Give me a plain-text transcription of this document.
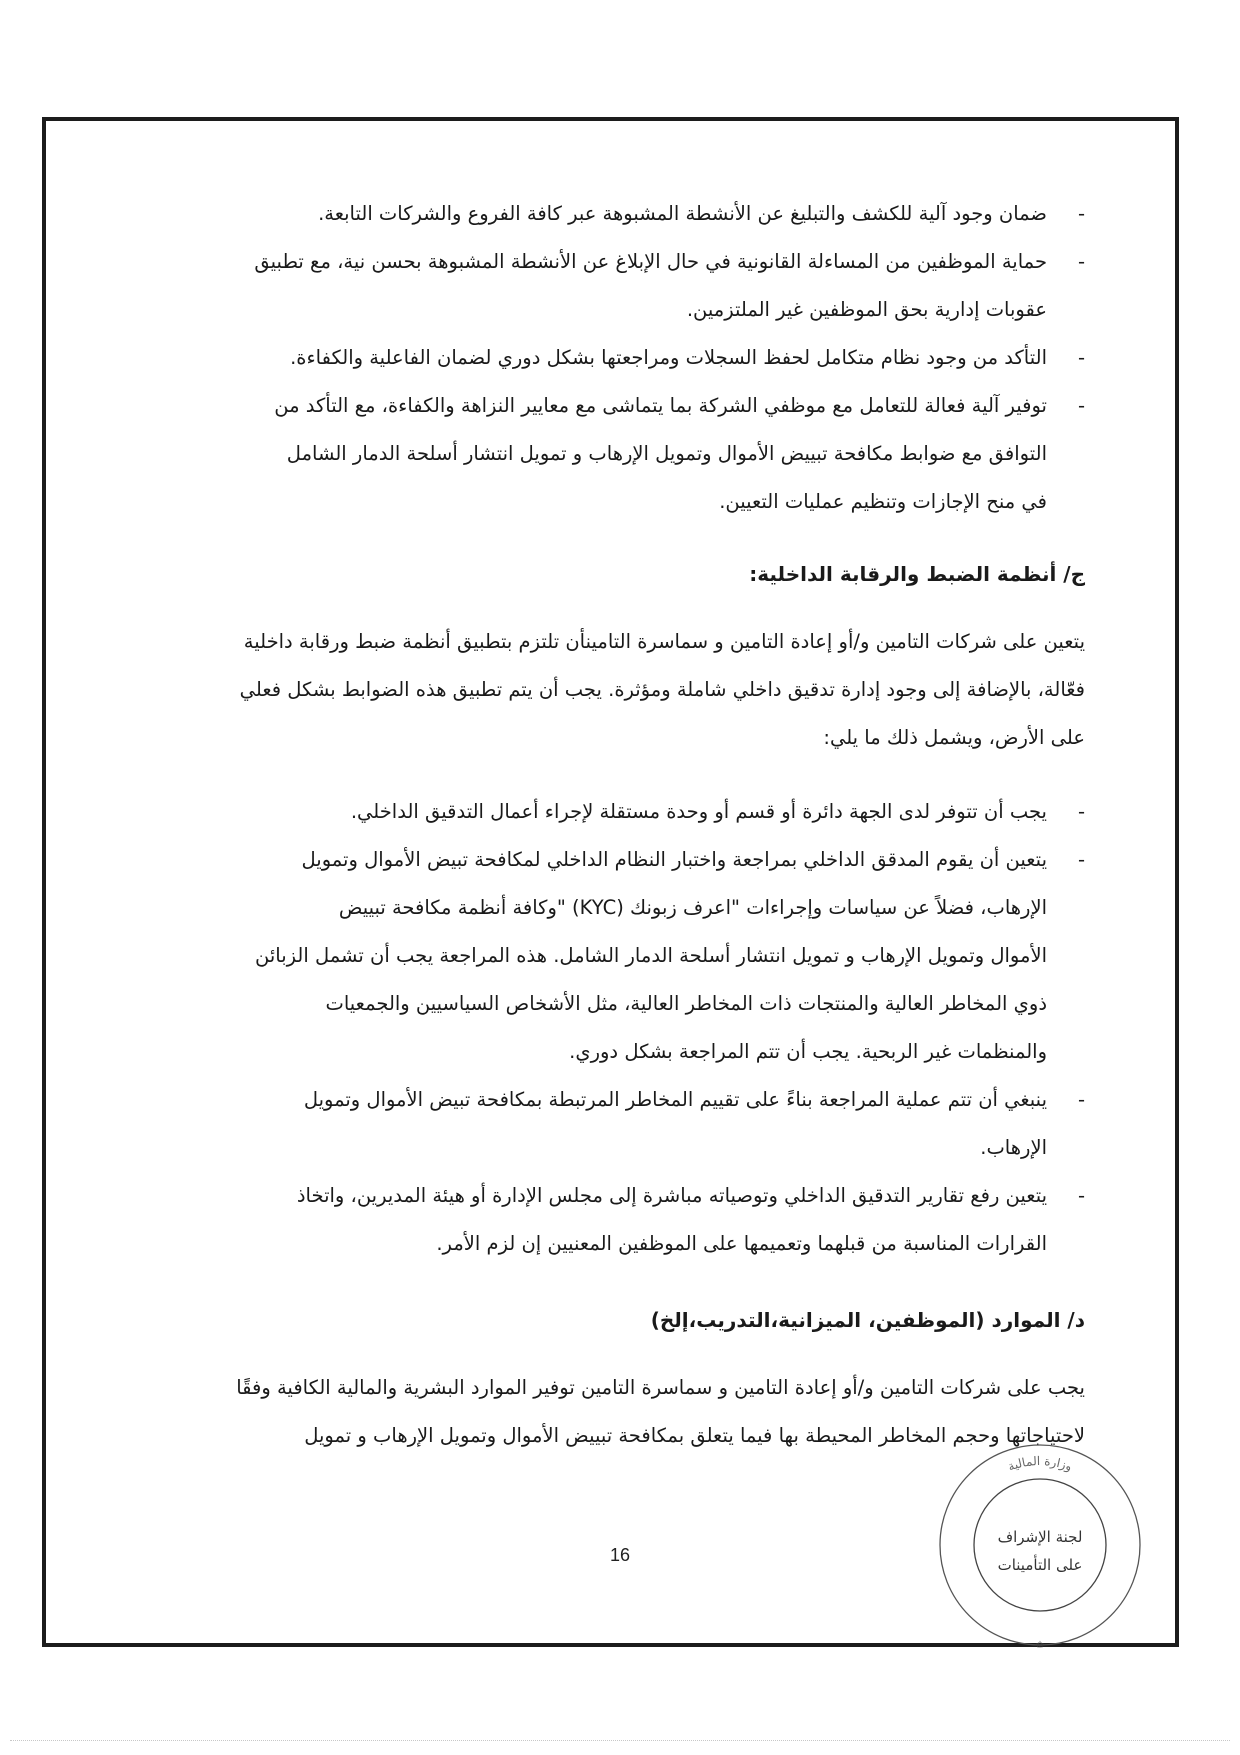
- ضمان وجود آلية للكشف والتبليغ عن الأنشطة المشبوهة عبر كافة الفروع والشركات التابعة.
- حماية الموظفين من المساءلة القانونية في حال الإبلاغ عن الأنشطة المشبوهة بحسن نية، مع تطبيق
عقوبات إدارية بحق الموظفين غير الملتزمين.
- التأكد من وجود نظام متكامل لحفظ السجلات ومراجعتها بشكل دوري لضمان الفاعلية والكفاءة.
- توفير آلية فعالة للتعامل مع موظفي الشركة بما يتماشى مع معايير النزاهة والكفاءة، مع التأكد من
التوافق مع ضوابط مكافحة تبييض الأموال وتمويل الإرهاب و تمويل انتشار أسلحة الدمار الشامل
في منح الإجازات وتنظيم عمليات التعيين.
ج/ أنظمة الضبط والرقابة الداخلية:
يتعين على شركات التامين و/أو إعادة التامين و سماسرة التامينأن تلتزم بتطبيق أنظمة ضبط ورقابة داخلية
فعّالة، بالإضافة إلى وجود إدارة تدقيق داخلي شاملة ومؤثرة. يجب أن يتم تطبيق هذه الضوابط بشكل فعلي
على الأرض، ويشمل ذلك ما يلي:
- يجب أن تتوفر لدى الجهة دائرة أو قسم أو وحدة مستقلة لإجراء أعمال التدقيق الداخلي.
- يتعين أن يقوم المدقق الداخلي بمراجعة واختبار النظام الداخلي لمكافحة تبيض الأموال وتمويل
الإرهاب، فضلاً عن سياسات وإجراءات "اعرف زبونك (KYC) "وكافة أنظمة مكافحة تبييض
الأموال وتمويل الإرهاب و تمويل انتشار أسلحة الدمار الشامل. هذه المراجعة يجب أن تشمل الزبائن
ذوي المخاطر العالية والمنتجات ذات المخاطر العالية، مثل الأشخاص السياسيين والجمعيات
والمنظمات غير الربحية. يجب أن تتم المراجعة بشكل دوري.
- ينبغي أن تتم عملية المراجعة بناءً على تقييم المخاطر المرتبطة بمكافحة تبيض الأموال وتمويل
الإرهاب.
- يتعين رفع تقارير التدقيق الداخلي وتوصياته مباشرة إلى مجلس الإدارة أو هيئة المديرين، واتخاذ
القرارات المناسبة من قبلهما وتعميمها على الموظفين المعنيين إن لزم الأمر.
د/ الموارد (الموظفين، الميزانية،التدريب،إلخ)
يجب على شركات التامين و/أو إعادة التامين و سماسرة التامين توفير الموارد البشرية والمالية الكافية وفقًا
لاحتياجاتها وحجم المخاطر المحيطة بها فيما يتعلق بمكافحة تبييض الأموال وتمويل الإرهاب و تمويل
16
وزارة المالية
لجنة الإشراف
على التأمينات
✩
